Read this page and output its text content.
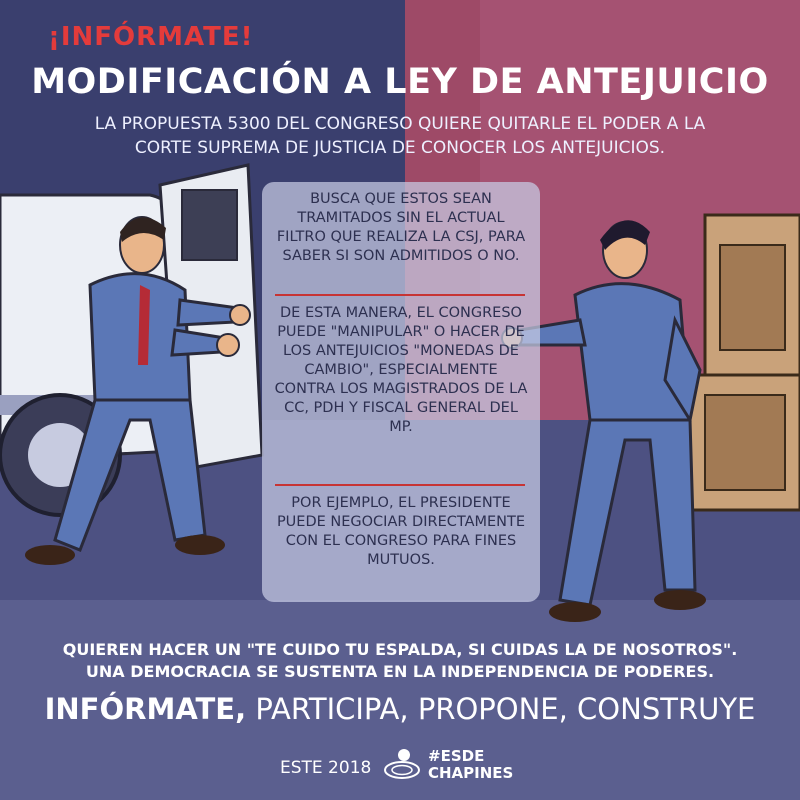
¡INFÓRMATE!
MODIFICACIÓN A LEY DE ANTEJUICIO
LA PROPUESTA 5300 DEL CONGRESO QUIERE QUITARLE EL PODER A LA
CORTE SUPREMA DE JUSTICIA DE CONOCER LOS ANTEJUICIOS.
BUSCA QUE ESTOS SEAN TRAMITADOS SIN EL ACTUAL FILTRO QUE REALIZA LA CSJ, PARA SABER SI SON ADMITIDOS O NO.
DE ESTA MANERA, EL CONGRESO PUEDE "MANIPULAR" O HACER DE LOS ANTEJUICIOS "MONEDAS DE CAMBIO", ESPECIALMENTE CONTRA LOS MAGISTRADOS DE LA CC, PDH Y FISCAL GENERAL DEL MP.
POR EJEMPLO, EL PRESIDENTE PUEDE NEGOCIAR DIRECTAMENTE CON EL CONGRESO PARA FINES MUTUOS.
QUIEREN HACER UN "TE CUIDO TU ESPALDA, SI CUIDAS LA DE NOSOTROS".
UNA DEMOCRACIA SE SUSTENTA EN LA INDEPENDENCIA DE PODERES.
INFÓRMATE, PARTICIPA, PROPONE, CONSTRUYE
ESTE 2018
#ESDE
CHAPINES
